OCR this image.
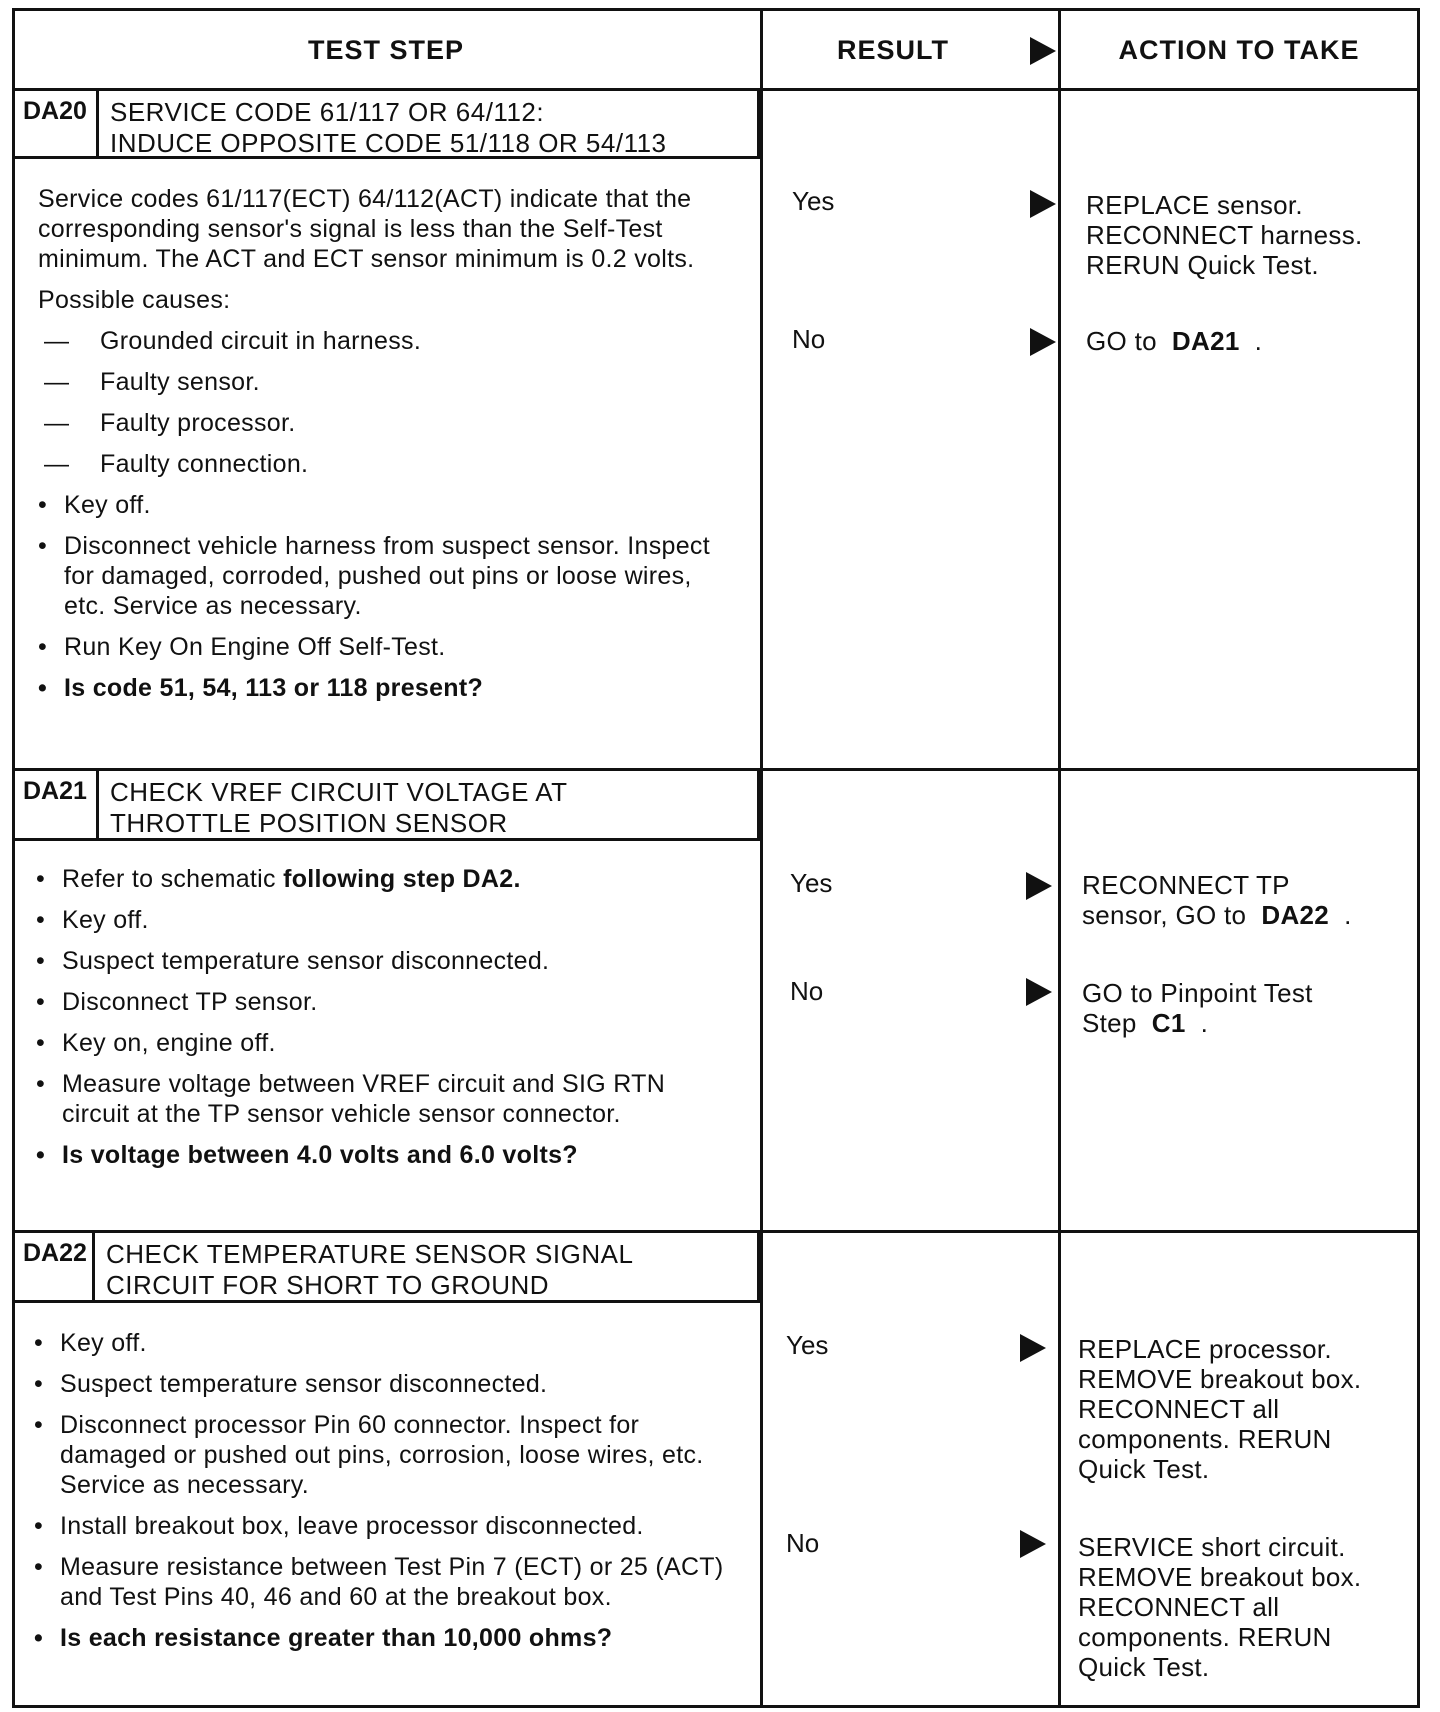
TEST STEP	RESULT	ACTION TO TAKE
DA20 SERVICE CODE 61/117 OR 64/112:
INDUCE OPPOSITE CODE 51/118 OR 54/113

Service codes 61/117(ECT) 64/112(ACT) indicate that the corresponding sensor's signal is less than the Self-Test minimum. The ACT and ECT sensor minimum is 0.2 volts.

Possible causes:

— Grounded circuit in harness.
— Faulty sensor.
— Faulty processor.
— Faulty connection.
• Key off.
• Disconnect vehicle harness from suspect sensor. Inspect for damaged, corroded, pushed out pins or loose wires, etc. Service as necessary.
• Run Key On Engine Off Self-Test.
• Is code 51, 54, 113 or 118 present?
Yes	REPLACE sensor.
RECONNECT harness.
RERUN Quick Test.
No	GO to DA21 .
DA21 CHECK VREF CIRCUIT VOLTAGE AT
THROTTLE POSITION SENSOR
• Refer to schematic following step DA2.
• Key off.
• Suspect temperature sensor disconnected.
• Disconnect TP sensor.
• Key on, engine off.
• Measure voltage between VREF circuit and SIG RTN circuit at the TP sensor vehicle sensor connector.
• Is voltage between 4.0 volts and 6.0 volts?
Yes	RECONNECT TP
sensor, GO to DA22 .
No	GO to Pinpoint Test
Step C1 .
DA22 CHECK TEMPERATURE SENSOR SIGNAL
CIRCUIT FOR SHORT TO GROUND
• Key off.
• Suspect temperature sensor disconnected.
• Disconnect processor Pin 60 connector. Inspect for damaged or pushed out pins, corrosion, loose wires, etc. Service as necessary.
• Install breakout box, leave processor disconnected.
• Measure resistance between Test Pin 7 (ECT) or 25 (ACT) and Test Pins 40, 46 and 60 at the breakout box.
• Is each resistance greater than 10,000 ohms?
Yes	REPLACE processor.
REMOVE breakout box.
RECONNECT all
components. RERUN
Quick Test.
No	SERVICE short circuit.
REMOVE breakout box.
RECONNECT all
components. RERUN
Quick Test.
